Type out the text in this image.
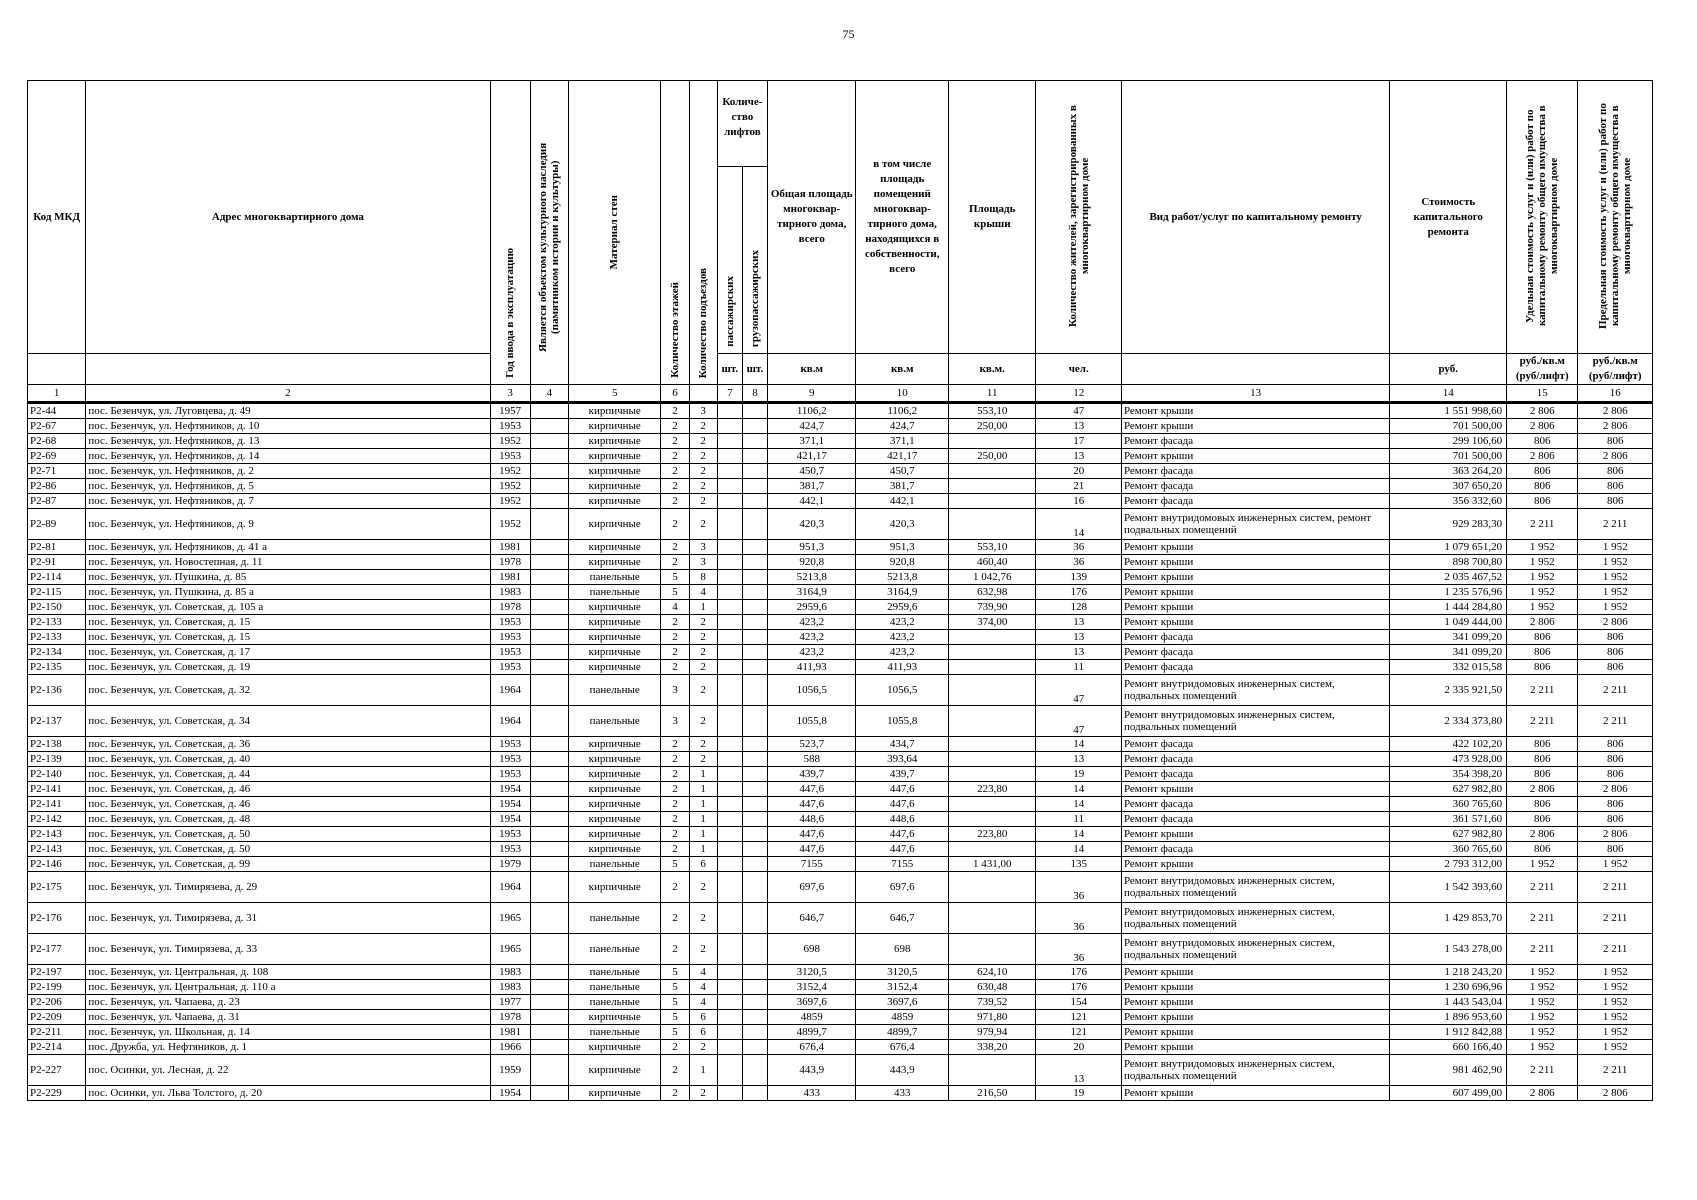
75
Код МКД	Адрес многоквартирного дома	Год ввода в эксплуатацию	Является объектом культурного наследия (памятником истории и культуры)	Материал стен	Количество этажей	Количество подъездов	Количе- ство лифтов		Общая площадь многоквар- тирного дома, всего	в том числе площадь помещений многоквар- тирного дома, находящихся в собственности, всего	Площадь крыши	Количество жителей, зарегистрированных в многоквартирном доме	Вид работ/услуг по капитальному ремонту	Стоимость капитального ремонта	Удельная стоимость услуг и (или) работ по капитальному ремонту общего имущества в многоквартирном доме	Предельная стоимость услуг и (или) работ по капитальному ремонту общего имущества в многоквартирном доме

							пассажирских	грузопассажирских								

							шт.	шт.	кв.м	кв.м	кв.м.	чел.		руб.	руб./кв.м (руб/лифт)	руб./кв.м (руб/лифт)
1	2	3	4	5	6		7	8	9	10	11	12	13	14	15	16
Р2-44	пос. Безенчук, ул. Луговцева, д. 49	1957		кирпичные	2	3			1106,2	1106,2	553,10	47	Ремонт крыши	1 551 998,60	2 806	2 806
Р2-67	пос. Безенчук, ул. Нефтяников, д. 10	1953		кирпичные	2	2			424,7	424,7	250,00	13	Ремонт крыши	701 500,00	2 806	2 806
Р2-68	пос. Безенчук, ул. Нефтяников, д. 13	1952		кирпичные	2	2			371,1	371,1		17	Ремонт фасада	299 106,60	806	806
Р2-69	пос. Безенчук, ул. Нефтяников, д. 14	1953		кирпичные	2	2			421,17	421,17	250,00	13	Ремонт крыши	701 500,00	2 806	2 806
Р2-71	пос. Безенчук, ул. Нефтяников, д. 2	1952		кирпичные	2	2			450,7	450,7		20	Ремонт фасада	363 264,20	806	806
Р2-86	пос. Безенчук, ул. Нефтяников, д. 5	1952		кирпичные	2	2			381,7	381,7		21	Ремонт фасада	307 650,20	806	806
Р2-87	пос. Безенчук, ул. Нефтяников, д. 7	1952		кирпичные	2	2			442,1	442,1		16	Ремонт фасада	356 332,60	806	806
Р2-89	пос. Безенчук, ул. Нефтяников, д. 9	1952		кирпичные	2	2			420,3	420,3		14	Ремонт внутридомовых инженерных систем, ремонт подвальных помещений	929 283,30	2 211	2 211
Р2-81	пос. Безенчук, ул. Нефтяников, д. 41 а	1981		кирпичные	2	3			951,3	951,3	553,10	36	Ремонт крыши	1 079 651,20	1 952	1 952
Р2-91	пос. Безенчук, ул. Новостепная, д. 11	1978		кирпичные	2	3			920,8	920,8	460,40	36	Ремонт крыши	898 700,80	1 952	1 952
Р2-114	пос. Безенчук, ул. Пушкина, д. 85	1981		панельные	5	8			5213,8	5213,8	1 042,76	139	Ремонт крыши	2 035 467,52	1 952	1 952
Р2-115	пос. Безенчук, ул. Пушкина, д. 85 а	1983		панельные	5	4			3164,9	3164,9	632,98	176	Ремонт крыши	1 235 576,96	1 952	1 952
Р2-150	пос. Безенчук, ул. Советская, д. 105 а	1978		кирпичные	4	1			2959,6	2959,6	739,90	128	Ремонт крыши	1 444 284,80	1 952	1 952
Р2-133	пос. Безенчук, ул. Советская, д. 15	1953		кирпичные	2	2			423,2	423,2	374,00	13	Ремонт крыши	1 049 444,00	2 806	2 806
Р2-133	пос. Безенчук, ул. Советская, д. 15	1953		кирпичные	2	2			423,2	423,2		13	Ремонт фасада	341 099,20	806	806
Р2-134	пос. Безенчук, ул. Советская, д. 17	1953		кирпичные	2	2			423,2	423,2		13	Ремонт фасада	341 099,20	806	806
Р2-135	пос. Безенчук, ул. Советская, д. 19	1953		кирпичные	2	2			411,93	411,93		11	Ремонт фасада	332 015,58	806	806
Р2-136	пос. Безенчук, ул. Советская, д. 32	1964		панельные	3	2			1056,5	1056,5		47	Ремонт внутридомовых инженерных систем, подвальных помещений	2 335 921,50	2 211	2 211
Р2-137	пос. Безенчук, ул. Советская, д. 34	1964		панельные	3	2			1055,8	1055,8		47	Ремонт внутридомовых инженерных систем, подвальных помещений	2 334 373,80	2 211	2 211
Р2-138	пос. Безенчук, ул. Советская, д. 36	1953		кирпичные	2	2			523,7	434,7		14	Ремонт фасада	422 102,20	806	806
Р2-139	пос. Безенчук, ул. Советская, д. 40	1953		кирпичные	2	2			588	393,64		13	Ремонт фасада	473 928,00	806	806
Р2-140	пос. Безенчук, ул. Советская, д. 44	1953		кирпичные	2	1			439,7	439,7		19	Ремонт фасада	354 398,20	806	806
Р2-141	пос. Безенчук, ул. Советская, д. 46	1954		кирпичные	2	1			447,6	447,6	223,80	14	Ремонт крыши	627 982,80	2 806	2 806
Р2-141	пос. Безенчук, ул. Советская, д. 46	1954		кирпичные	2	1			447,6	447,6		14	Ремонт фасада	360 765,60	806	806
Р2-142	пос. Безенчук, ул. Советская, д. 48	1954		кирпичные	2	1			448,6	448,6		11	Ремонт фасада	361 571,60	806	806
Р2-143	пос. Безенчук, ул. Советская, д. 50	1953		кирпичные	2	1			447,6	447,6	223,80	14	Ремонт крыши	627 982,80	2 806	2 806
Р2-143	пос. Безенчук, ул. Советская, д. 50	1953		кирпичные	2	1			447,6	447,6		14	Ремонт фасада	360 765,60	806	806
Р2-146	пос. Безенчук, ул. Советская, д. 99	1979		панельные	5	6			7155	7155	1 431,00	135	Ремонт крыши	2 793 312,00	1 952	1 952
Р2-175	пос. Безенчук, ул. Тимирязева, д. 29	1964		кирпичные	2	2			697,6	697,6		36	Ремонт внутридомовых инженерных систем, подвальных помещений	1 542 393,60	2 211	2 211
Р2-176	пос. Безенчук, ул. Тимирязева, д. 31	1965		панельные	2	2			646,7	646,7		36	Ремонт внутридомовых инженерных систем, подвальных помещений	1 429 853,70	2 211	2 211
Р2-177	пос. Безенчук, ул. Тимирязева, д. 33	1965		панельные	2	2			698	698		36	Ремонт внутридомовых инженерных систем, подвальных помещений	1 543 278,00	2 211	2 211
Р2-197	пос. Безенчук, ул. Центральная, д. 108	1983		панельные	5	4			3120,5	3120,5	624,10	176	Ремонт крыши	1 218 243,20	1 952	1 952
Р2-199	пос. Безенчук, ул. Центральная, д. 110 а	1983		панельные	5	4			3152,4	3152,4	630,48	176	Ремонт крыши	1 230 696,96	1 952	1 952
Р2-206	пос. Безенчук, ул. Чапаева, д. 23	1977		панельные	5	4			3697,6	3697,6	739,52	154	Ремонт крыши	1 443 543,04	1 952	1 952
Р2-209	пос. Безенчук, ул. Чапаева, д. 31	1978		кирпичные	5	6			4859	4859	971,80	121	Ремонт крыши	1 896 953,60	1 952	1 952
Р2-211	пос. Безенчук, ул. Школьная, д. 14	1981		панельные	5	6			4899,7	4899,7	979,94	121	Ремонт крыши	1 912 842,88	1 952	1 952
Р2-214	пос. Дружба, ул. Нефтяников, д. 1	1966		кирпичные	2	2			676,4	676,4	338,20	20	Ремонт крыши	660 166,40	1 952	1 952
Р2-227	пос. Осинки, ул. Лесная, д. 22	1959		кирпичные	2	1			443,9	443,9		13	Ремонт внутридомовых инженерных систем, подвальных помещений	981 462,90	2 211	2 211
Р2-229	пос. Осинки, ул. Льва Толстого, д. 20	1954		кирпичные	2	2			433	433	216,50	19	Ремонт крыши	607 499,00	2 806	2 806
